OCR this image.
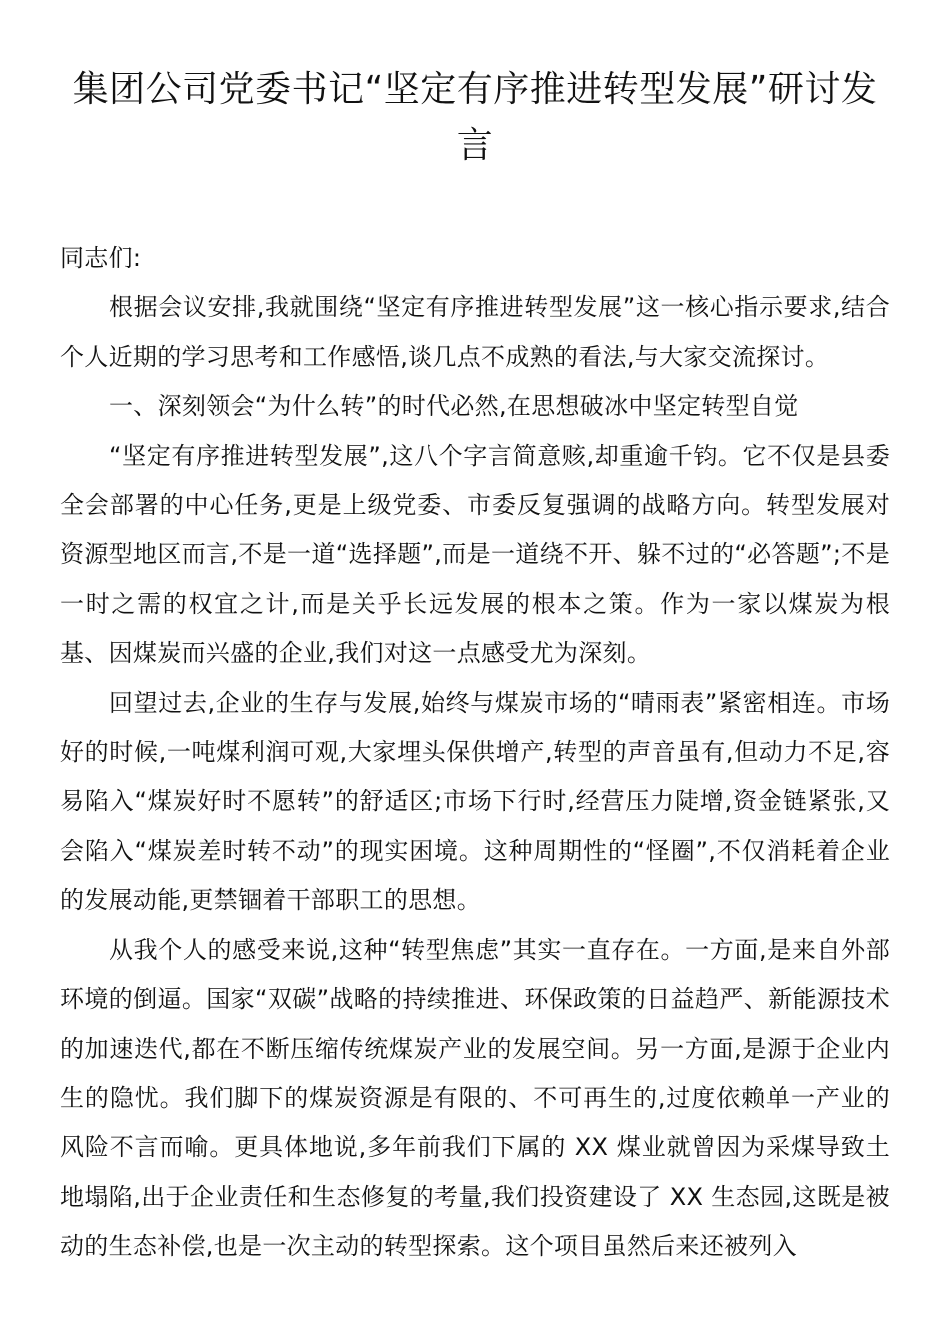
集团公司党委书记“坚定有序推进转型发展”研讨发言

同志们:

根据会议安排,我就围绕“坚定有序推进转型发展”这一核心指示要求,结合个人近期的学习思考和工作感悟,谈几点不成熟的看法,与大家交流探讨。

一、深刻领会“为什么转”的时代必然,在思想破冰中坚定转型自觉

“坚定有序推进转型发展”,这八个字言简意赅,却重逾千钧。它不仅是县委全会部署的中心任务,更是上级党委、市委反复强调的战略方向。转型发展对资源型地区而言,不是一道“选择题”,而是一道绕不开、躲不过的“必答题”;不是一时之需的权宜之计,而是关乎长远发展的根本之策。作为一家以煤炭为根基、因煤炭而兴盛的企业,我们对这一点感受尤为深刻。

回望过去,企业的生存与发展,始终与煤炭市场的“晴雨表”紧密相连。市场好的时候,一吨煤利润可观,大家埋头保供增产,转型的声音虽有,但动力不足,容易陷入“煤炭好时不愿转”的舒适区;市场下行时,经营压力陡增,资金链紧张,又会陷入“煤炭差时转不动”的现实困境。这种周期性的“怪圈”,不仅消耗着企业的发展动能,更禁锢着干部职工的思想。

从我个人的感受来说,这种“转型焦虑”其实一直存在。一方面,是来自外部环境的倒逼。国家“双碳”战略的持续推进、环保政策的日益趋严、新能源技术的加速迭代,都在不断压缩传统煤炭产业的发展空间。另一方面,是源于企业内生的隐忧。我们脚下的煤炭资源是有限的、不可再生的,过度依赖单一产业的风险不言而喻。更具体地说,多年前我们下属的 XX 煤业就曾因为采煤导致土地塌陷,出于企业责任和生态修复的考量,我们投资建设了 XX 生态园,这既是被动的生态补偿,也是一次主动的转型探索。这个项目虽然后来还被列入
